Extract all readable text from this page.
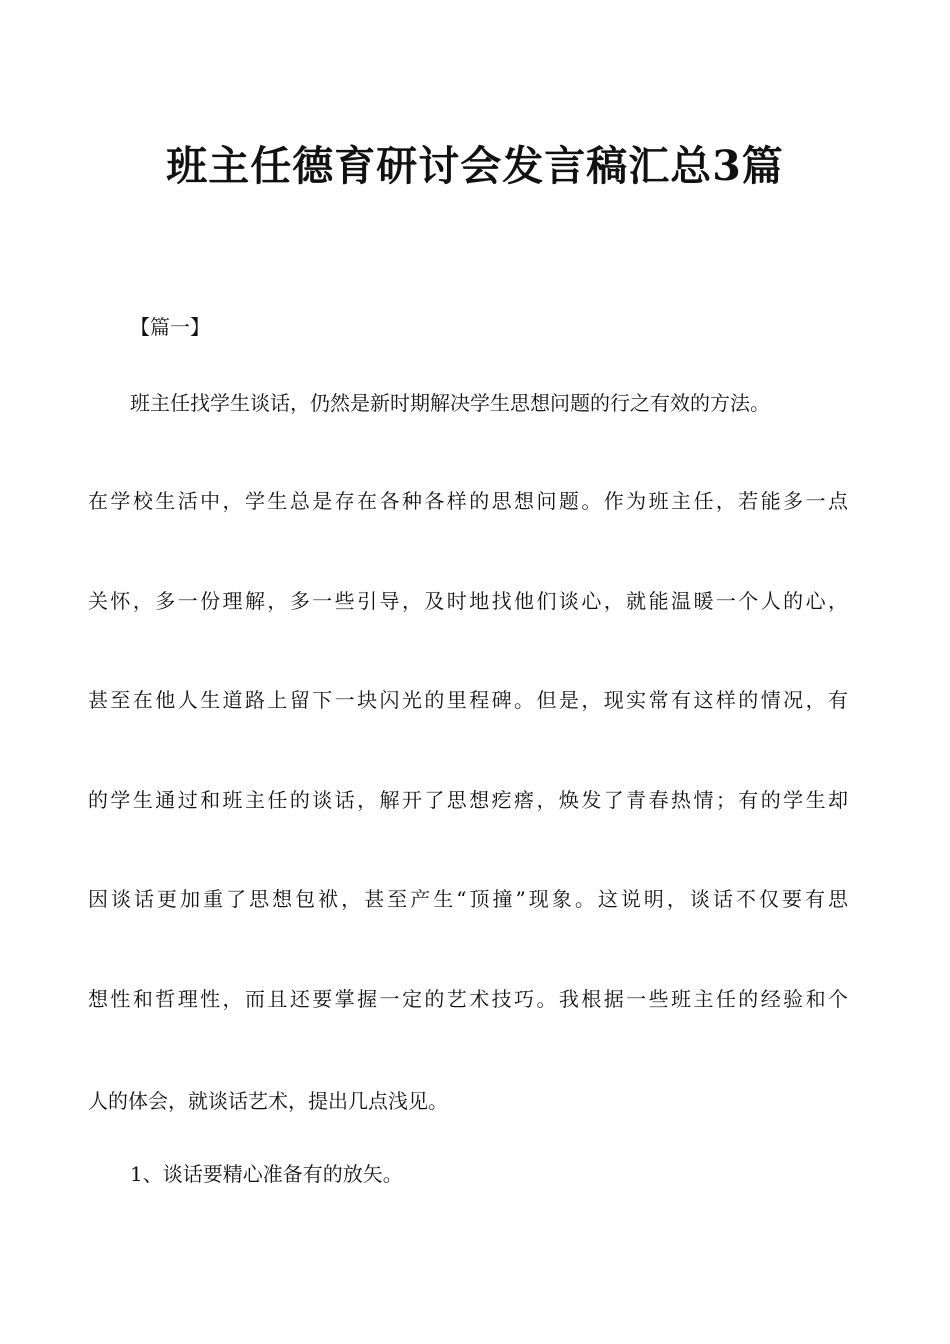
班主任德育研讨会发言稿汇总3篇

【篇一】

班主任找学生谈话，仍然是新时期解决学生思想问题的行之有效的方法。

在学校生活中，学生总是存在各种各样的思想问题。作为班主任，若能多一点

关怀，多一份理解，多一些引导，及时地找他们谈心，就能温暖一个人的心，

甚至在他人生道路上留下一块闪光的里程碑。但是，现实常有这样的情况，有

的学生通过和班主任的谈话，解开了思想疙瘩，焕发了青春热情；有的学生却

因谈话更加重了思想包袱，甚至产生“顶撞”现象。这说明，谈话不仅要有思

想性和哲理性，而且还要掌握一定的艺术技巧。我根据一些班主任的经验和个

人的体会，就谈话艺术，提出几点浅见。

1、谈话要精心准备有的放矢。
